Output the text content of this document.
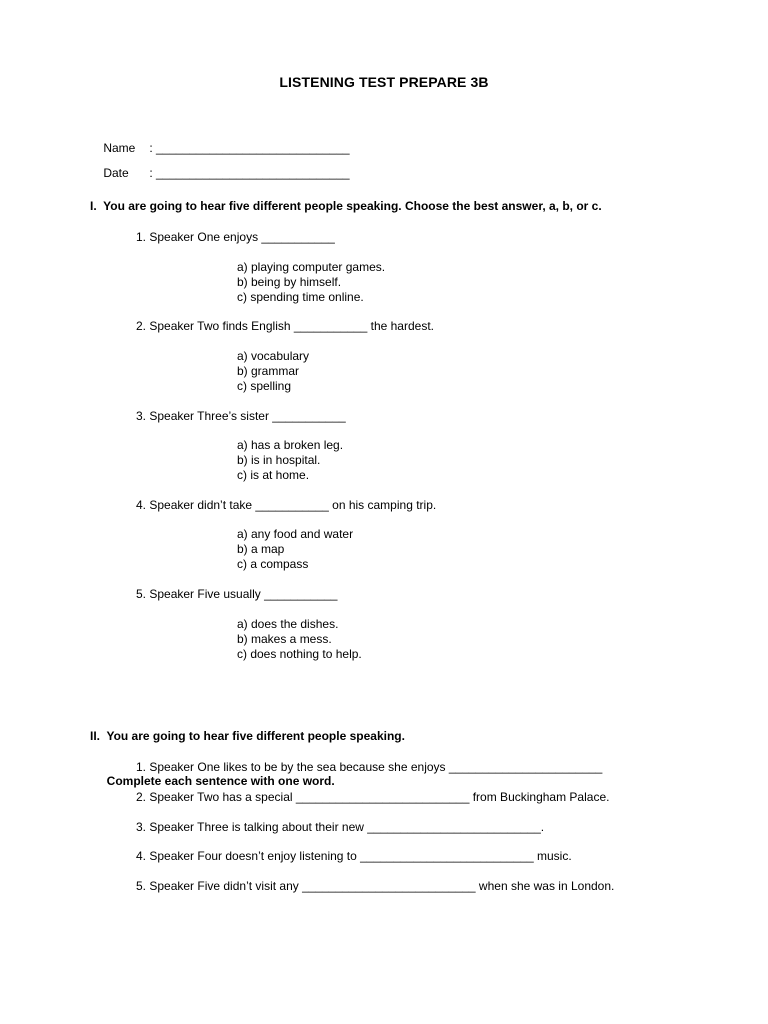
LISTENING TEST PREPARE 3B

Name : _____________________________

Date : _____________________________

I.  You are going to hear five different people speaking. Choose the best answer, a, b, or c.
1. Speaker One enjoys ___________
a) playing computer games.
b) being by himself.
c) spending time online.
2. Speaker Two finds English ___________ the hardest.
a) vocabulary
b) grammar
c) spelling
3. Speaker Three’s sister ___________
a) has a broken leg.
b) is in hospital.
c) is at home.
4. Speaker didn’t take ___________ on his camping trip.
a) any food and water
b) a map
c) a compass
5. Speaker Five usually ___________
a) does the dishes.
b) makes a mess.
c) does nothing to help.

II.  You are going to hear five different people speaking.

Complete each sentence with one word.

1. Speaker One likes to be by the sea because she enjoys _______________________
2. Speaker Two has a special __________________________ from Buckingham Palace.
3. Speaker Three is talking about their new __________________________.
4. Speaker Four doesn’t enjoy listening to __________________________ music.
5. Speaker Five didn’t visit any __________________________ when she was in London.
